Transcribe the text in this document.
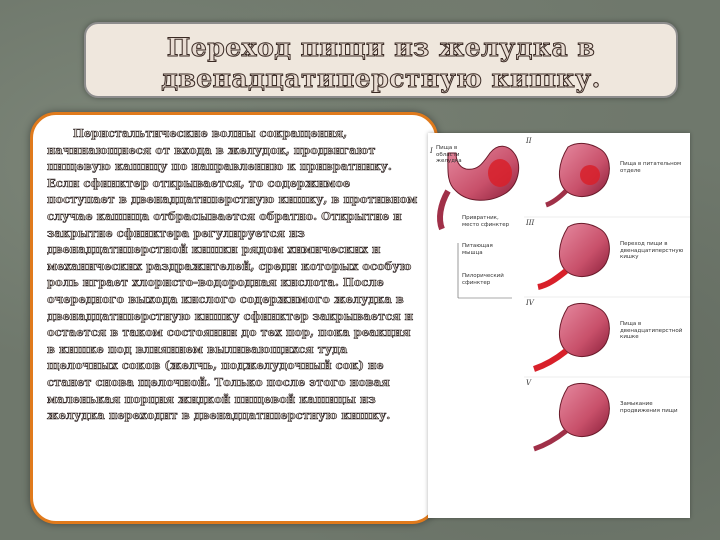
Переход пищи из желудка в
двенадцатиперстную кишку.

Перистальтические волны сокращения, начинающиеся от входа в желудок, продвигают пищевую кашицу по направлению к привратнику. Если сфинктер открывается, то содержимое поступает в двенадцатиперстную кишку, в противном случае кашица отбрасывается обратно. Открытие и закрытие сфинктера регулируется из двенадцатиперстной кишки рядом химических и механических раздражителей, среди которых особую роль играет хлористо-водородная кислота. После очередного выхода кислого содержимого желудка в двенадцатиперстную кишку сфинктер закрывается и остается в таком состоянии до тех пор, пока реакция в кишке под влиянием выливающихся туда щелочных соков (желчь, поджелудочный сок) не станет снова щелочной. Только после этого новая маленькая порция жидкой пищевой кашицы из желудка переходит в двенадцатиперстную кишку.

I Пища в области желудка
Привратник, место сфинктер
Питающая мышца
Пилорический сфинктер
II
Пища в питательном отделе
III
Переход пищи в двенадцатиперстную кишку
IV
Пища в двенадцатиперстной кишке
V
Замыкание продвижения пищи
